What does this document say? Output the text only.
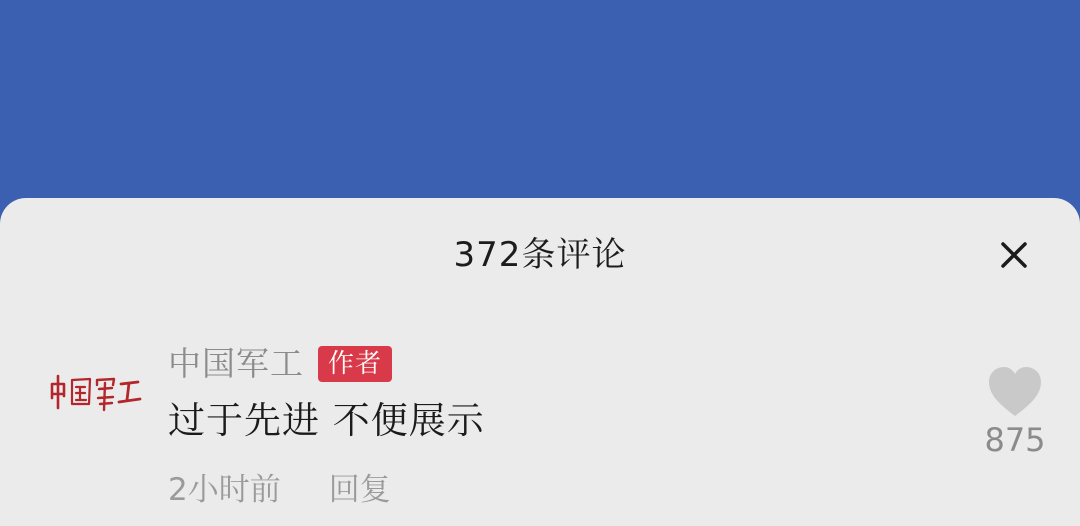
372条评论
中国军工 作者
过于先进 不便展示
2小时前 回复
875
